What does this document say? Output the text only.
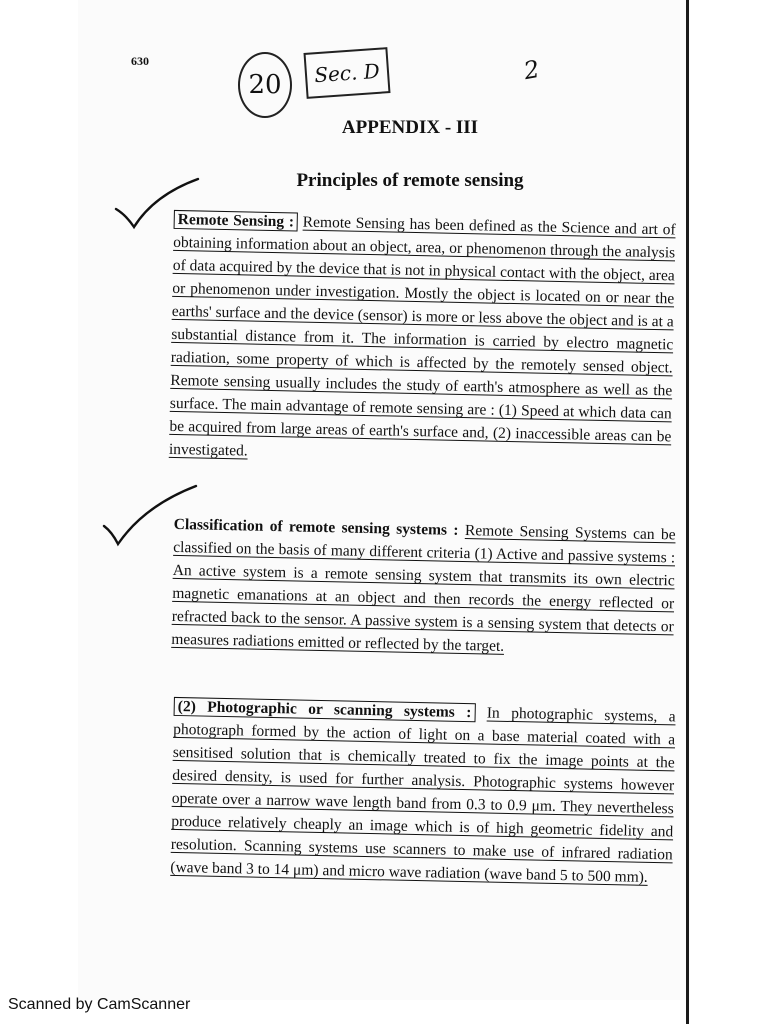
630
20	Sec. D	2
APPENDIX - III
Principles of remote sensing
Remote Sensing : Remote Sensing has been defined as the Science and art of obtaining information about an object, area, or phenomenon through the analysis of data acquired by the device that is not in physical contact with the object, area or phenomenon under investigation. Mostly the object is located on or near the earths' surface and the device (sensor) is more or less above the object and is at a substantial distance from it. The information is carried by electro magnetic radiation, some property of which is affected by the remotely sensed object. Remote sensing usually includes the study of earth's atmosphere as well as the surface. The main advantage of remote sensing are : (1) Speed at which data can be acquired from large areas of earth's surface and, (2) inaccessible areas can be investigated.
Classification of remote sensing systems : Remote Sensing Systems can be classified on the basis of many different criteria (1) Active and passive systems : An active system is a remote sensing system that transmits its own electric magnetic emanations at an object and then records the energy reflected or refracted back to the sensor. A passive system is a sensing system that detects or measures radiations emitted or reflected by the target.
(2) Photographic or scanning systems : In photographic systems, a photograph formed by the action of light on a base material coated with a sensitised solution that is chemically treated to fix the image points at the desired density, is used for further analysis. Photographic systems however operate over a narrow wave length band from 0.3 to 0.9 μm. They nevertheless produce relatively cheaply an image which is of high geometric fidelity and resolution. Scanning systems use scanners to make use of infrared radiation (wave band 3 to 14 μm) and micro wave radiation (wave band 5 to 500 mm).
Scanned by CamScanner
